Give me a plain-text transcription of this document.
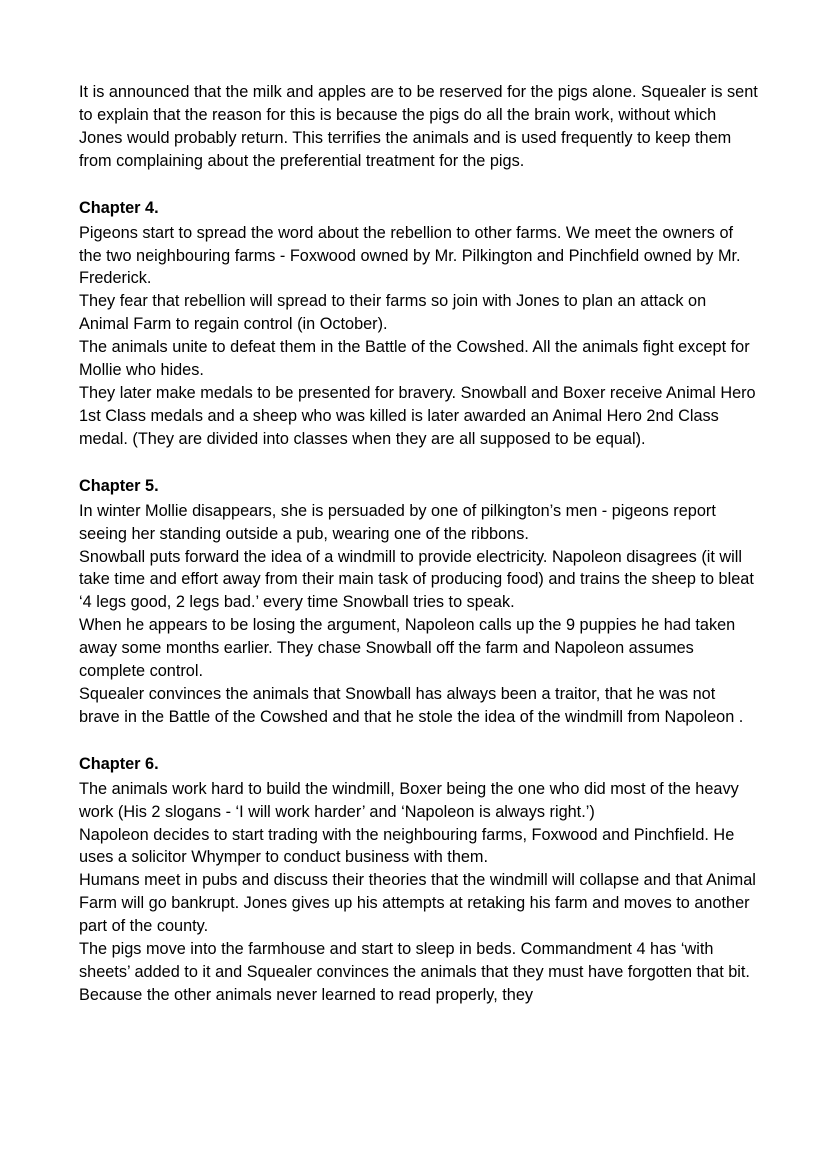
It is announced that the milk and apples are to be reserved for the pigs alone. Squealer is sent to explain that the reason for this is because the pigs do all the brain work, without which Jones would probably return. This terrifies the animals and is used frequently to keep them from complaining about the preferential treatment for the pigs.

Chapter 4.

Pigeons start to spread the word about the rebellion to other farms. We meet the owners of the two neighbouring farms - Foxwood owned by Mr. Pilkington and Pinchfield owned by Mr. Frederick.

They fear that rebellion will spread to their farms so join with Jones to plan an attack on Animal Farm to regain control (in October).

The animals unite to defeat them in the Battle of the Cowshed. All the animals fight except for Mollie who hides.

They later make medals to be presented for bravery. Snowball and Boxer receive Animal Hero 1st Class medals and a sheep who was killed is later awarded an Animal Hero 2nd Class medal. (They are divided into classes when they are all supposed to be equal).

Chapter 5.

In winter Mollie disappears, she is persuaded by one of pilkington’s men - pigeons report seeing her standing outside a pub, wearing one of the ribbons.

Snowball puts forward the idea of a windmill to provide electricity. Napoleon disagrees (it will take time and effort away from their main task of producing food) and trains the sheep to bleat ‘4 legs good, 2 legs bad.’ every time Snowball tries to speak.

When he appears to be losing the argument, Napoleon calls up the 9 puppies he had taken away some months earlier. They chase Snowball off the farm and Napoleon assumes complete control.

Squealer convinces the animals that Snowball has always been a traitor, that he was not brave in the Battle of the Cowshed and that he stole the idea of the windmill from Napoleon .

Chapter 6.

The animals work hard to build the windmill, Boxer being the one who did most of the heavy work (His 2 slogans - ‘I will work harder’ and ‘Napoleon is always right.’)

Napoleon decides to start trading with the neighbouring farms, Foxwood and Pinchfield. He uses a solicitor Whymper to conduct business with them.

Humans meet in pubs and discuss their theories that the windmill will collapse and that Animal Farm will go bankrupt. Jones gives up his attempts at retaking his farm and moves to another part of the county.

The pigs move into the farmhouse and start to sleep in beds. Commandment 4 has ‘with sheets’ added to it and Squealer convinces the animals that they must have forgotten that bit. Because the other animals never learned to read properly, they
